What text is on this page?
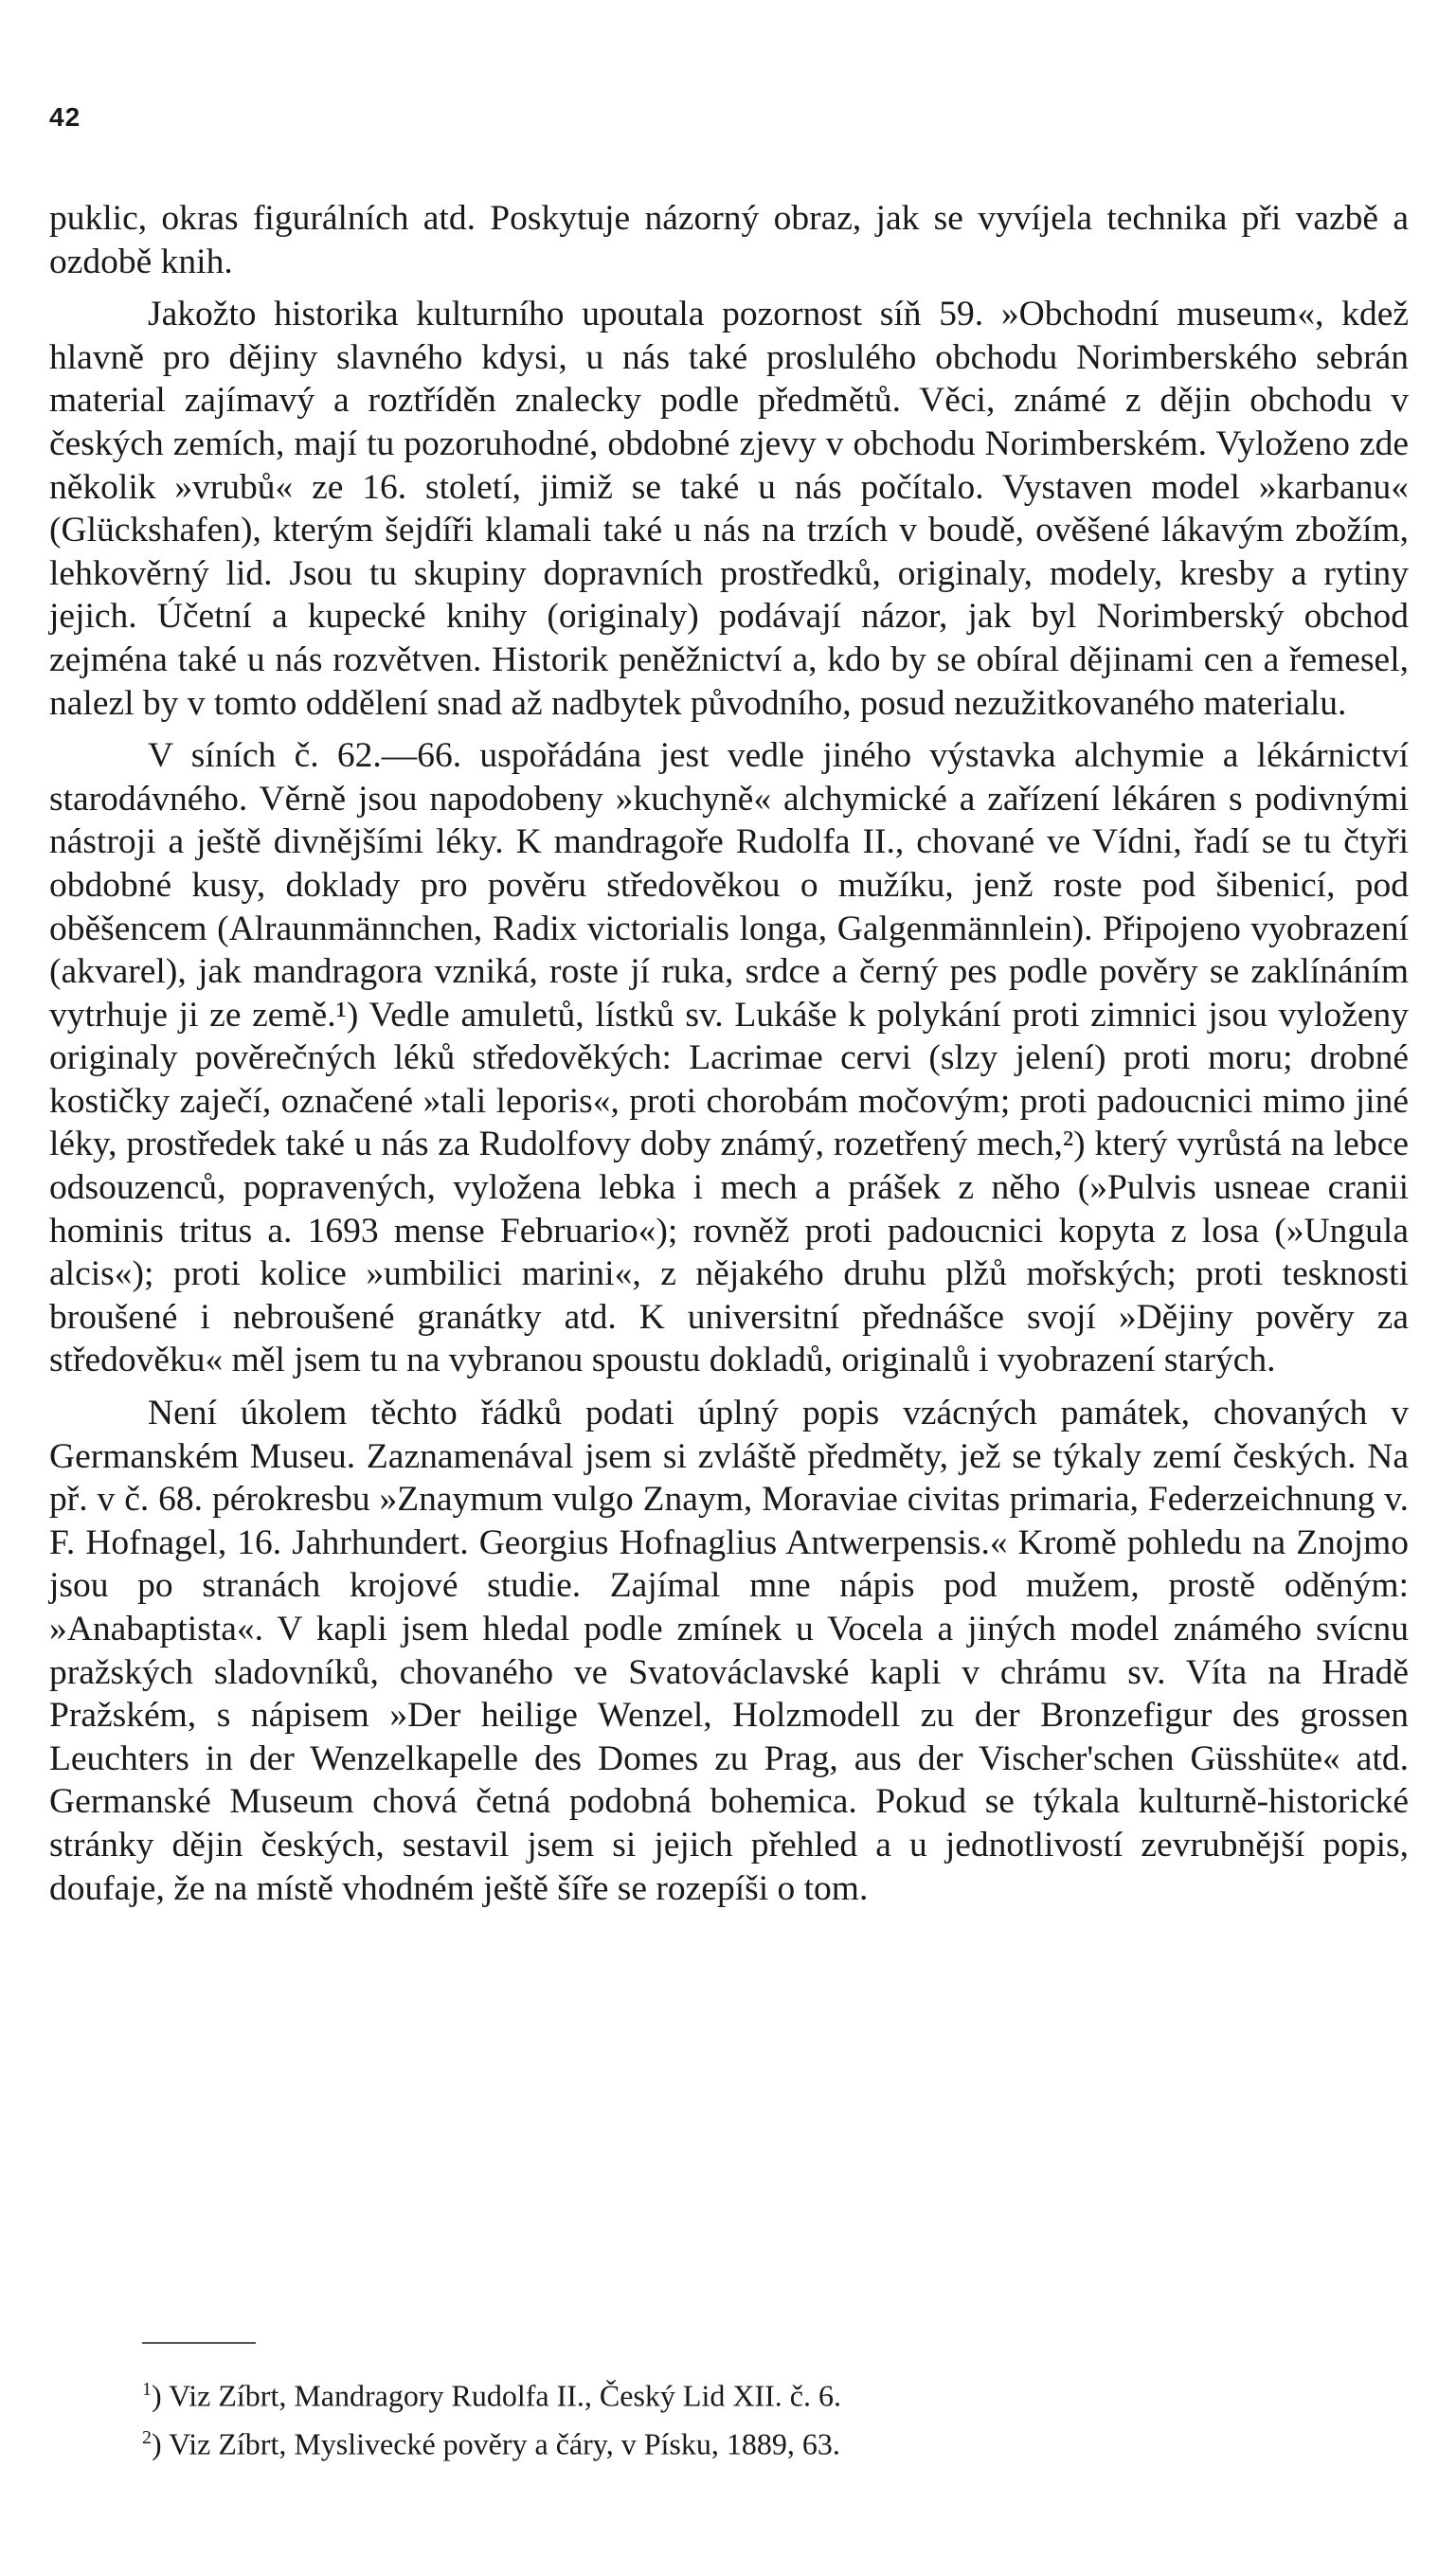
42

puklic, okras figurálních atd. Poskytuje názorný obraz, jak se vyvíjela technika při vazbě a ozdobě knih.

Jakožto historika kulturního upoutala pozornost síň 59. »Obchodní museum«, kdež hlavně pro dějiny slavného kdysi, u nás také proslulého obchodu Norimberského sebrán material zajímavý a roztříděn znalecky podle předmětů. Věci, známé z dějin obchodu v českých zemích, mají tu pozoruhodné, obdobné zjevy v obchodu Norimberském. Vyloženo zde několik »vrubů« ze 16. století, jimiž se také u nás počítalo. Vystaven model »karbanu« (Glückshafen), kterým šejdíři klamali také u nás na trzích v boudě, ověšené lákavým zbožím, lehkověrný lid. Jsou tu skupiny dopravních prostředků, originaly, modely, kresby a rytiny jejich. Účetní a kupecké knihy (originaly) podávají názor, jak byl Norimberský obchod zejména také u nás rozvětven. Historik peněžnictví a, kdo by se obíral dějinami cen a řemesel, nalezl by v tomto oddělení snad až nadbytek původního, posud nezužitkovaného materialu.

V síních č. 62.—66. uspořádána jest vedle jiného výstavka alchymie a lékárnictví starodávného. Věrně jsou napodobeny »kuchyně« alchymické a zařízení lékáren s podivnými nástroji a ještě divnějšími léky. K mandragoře Rudolfa II., chované ve Vídni, řadí se tu čtyři obdobné kusy, doklady pro pověru středověkou o mužíku, jenž roste pod šibenicí, pod oběšencem (Alraunmännchen, Radix victorialis longa, Galgenmännlein). Připojeno vyobrazení (akvarel), jak mandragora vzniká, roste jí ruka, srdce a černý pes podle pověry se zaklínáním vytrhuje ji ze země.¹) Vedle amuletů, lístků sv. Lukáše k polykání proti zimnici jsou vyloženy originaly pověrečných léků středověkých: Lacrimae cervi (slzy jelení) proti moru; drobné kostičky zaječí, označené »tali leporis«, proti chorobám močovým; proti padoucnici mimo jiné léky, prostředek také u nás za Rudolfovy doby známý, rozetřený mech,²) který vyrůstá na lebce odsouzenců, popravených, vyložena lebka i mech a prášek z něho (»Pulvis usneae cranii hominis tritus a. 1693 mense Februario«); rovněž proti padoucnici kopyta z losa (»Ungula alcis«); proti kolice »umbilici marini«, z nějakého druhu plžů mořských; proti tesknosti broušené i nebroušené granátky atd. K universitní přednášce svojí »Dějiny pověry za středověku« měl jsem tu na vybranou spoustu dokladů, originalů i vyobrazení starých.

Není úkolem těchto řádků podati úplný popis vzácných památek, chovaných v Germanském Museu. Zaznamenával jsem si zvláště předměty, jež se týkaly zemí českých. Na př. v č. 68. pérokresbu »Znaymum vulgo Znaym, Moraviae civitas primaria, Federzeichnung v. F. Hofnagel, 16. Jahrhundert. Georgius Hofnaglius Antwerpensis.« Kromě pohledu na Znojmo jsou po stranách krojové studie. Zajímal mne nápis pod mužem, prostě oděným: »Anabaptista«. V kapli jsem hledal podle zmínek u Vocela a jiných model známého svícnu pražských sladovníků, chovaného ve Svatováclavské kapli v chrámu sv. Víta na Hradě Pražském, s nápisem »Der heilige Wenzel, Holzmodell zu der Bronzefigur des grossen Leuchters in der Wenzelkapelle des Domes zu Prag, aus der Vischer'schen Güsshüte« atd. Germanské Museum chová četná podobná bohemica. Pokud se týkala kulturně-historické stránky dějin českých, sestavil jsem si jejich přehled a u jednotlivostí zevrubnější popis, doufaje, že na místě vhodném ještě šíře se rozepíši o tom.

$^1$) Viz Zíbrt, Mandragory Rudolfa II., Český Lid XII. č. 6.
$^2$) Viz Zíbrt, Myslivecké pověry a čáry, v Písku, 1889, 63.
